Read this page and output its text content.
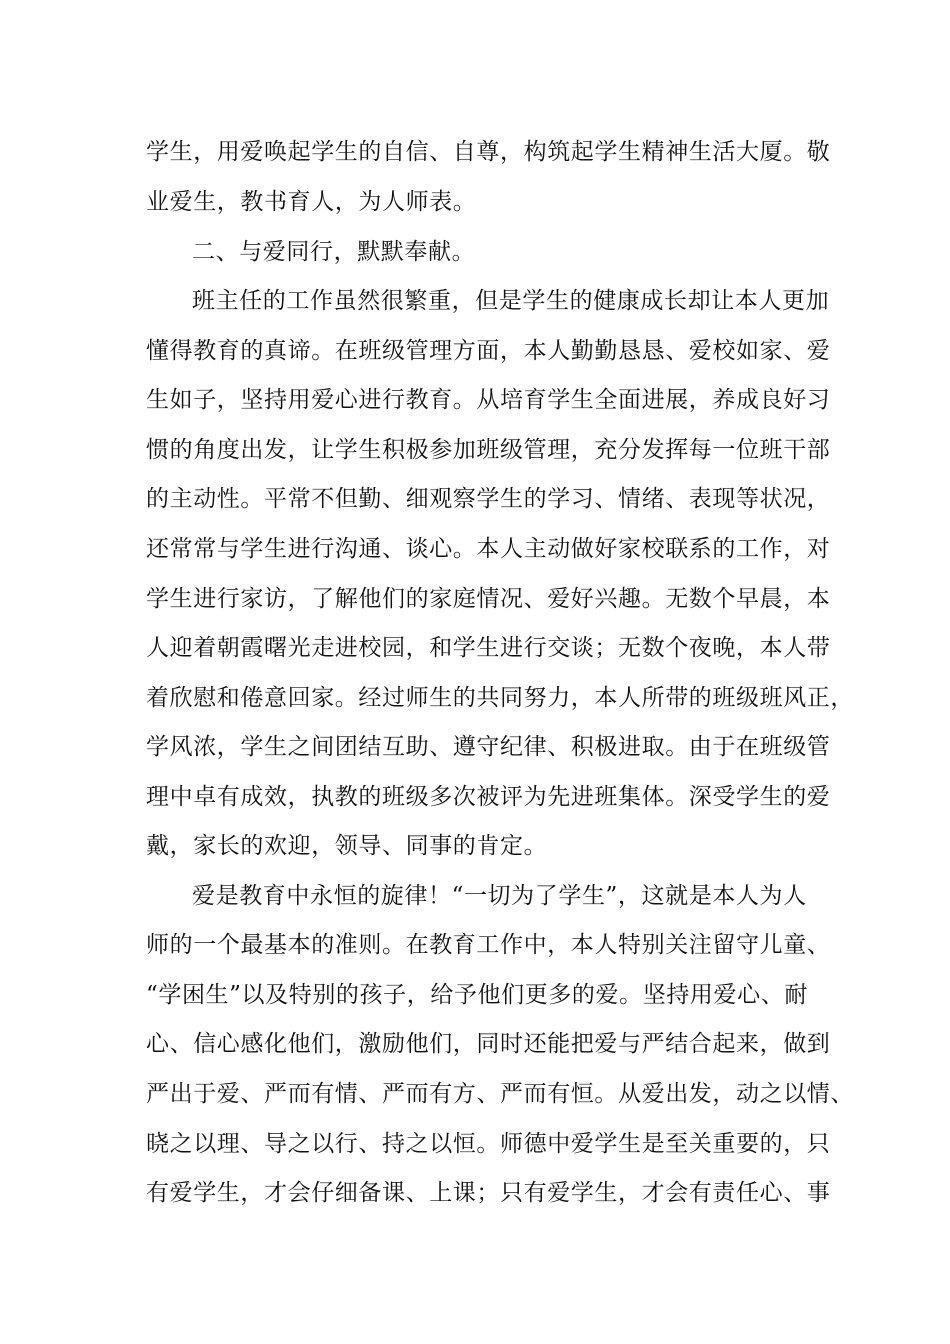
学生，用爱唤起学生的自信、自尊，构筑起学生精神生活大厦。敬
业爱生，教书育人，为人师表。
二、与爱同行，默默奉献。
班主任的工作虽然很繁重，但是学生的健康成长却让本人更加
懂得教育的真谛。在班级管理方面，本人勤勤恳恳、爱校如家、爱
生如子，坚持用爱心进行教育。从培育学生全面进展，养成良好习
惯的角度出发，让学生积极参加班级管理，充分发挥每一位班干部
的主动性。平常不但勤、细观察学生的学习、情绪、表现等状况，
还常常与学生进行沟通、谈心。本人主动做好家校联系的工作，对
学生进行家访，了解他们的家庭情况、爱好兴趣。无数个早晨，本
人迎着朝霞曙光走进校园，和学生进行交谈；无数个夜晚，本人带
着欣慰和倦意回家。经过师生的共同努力，本人所带的班级班风正，
学风浓，学生之间团结互助、遵守纪律、积极进取。由于在班级管
理中卓有成效，执教的班级多次被评为先进班集体。深受学生的爱
戴，家长的欢迎，领导、同事的肯定。
爱是教育中永恒的旋律！“一切为了学生”，这就是本人为人
师的一个最基本的准则。在教育工作中，本人特别关注留守儿童、
“学困生”以及特别的孩子，给予他们更多的爱。坚持用爱心、耐
心、信心感化他们，激励他们，同时还能把爱与严结合起来，做到
严出于爱、严而有情、严而有方、严而有恒。从爱出发，动之以情、
晓之以理、导之以行、持之以恒。师德中爱学生是至关重要的，只
有爱学生，才会仔细备课、上课；只有爱学生，才会有责任心、事
